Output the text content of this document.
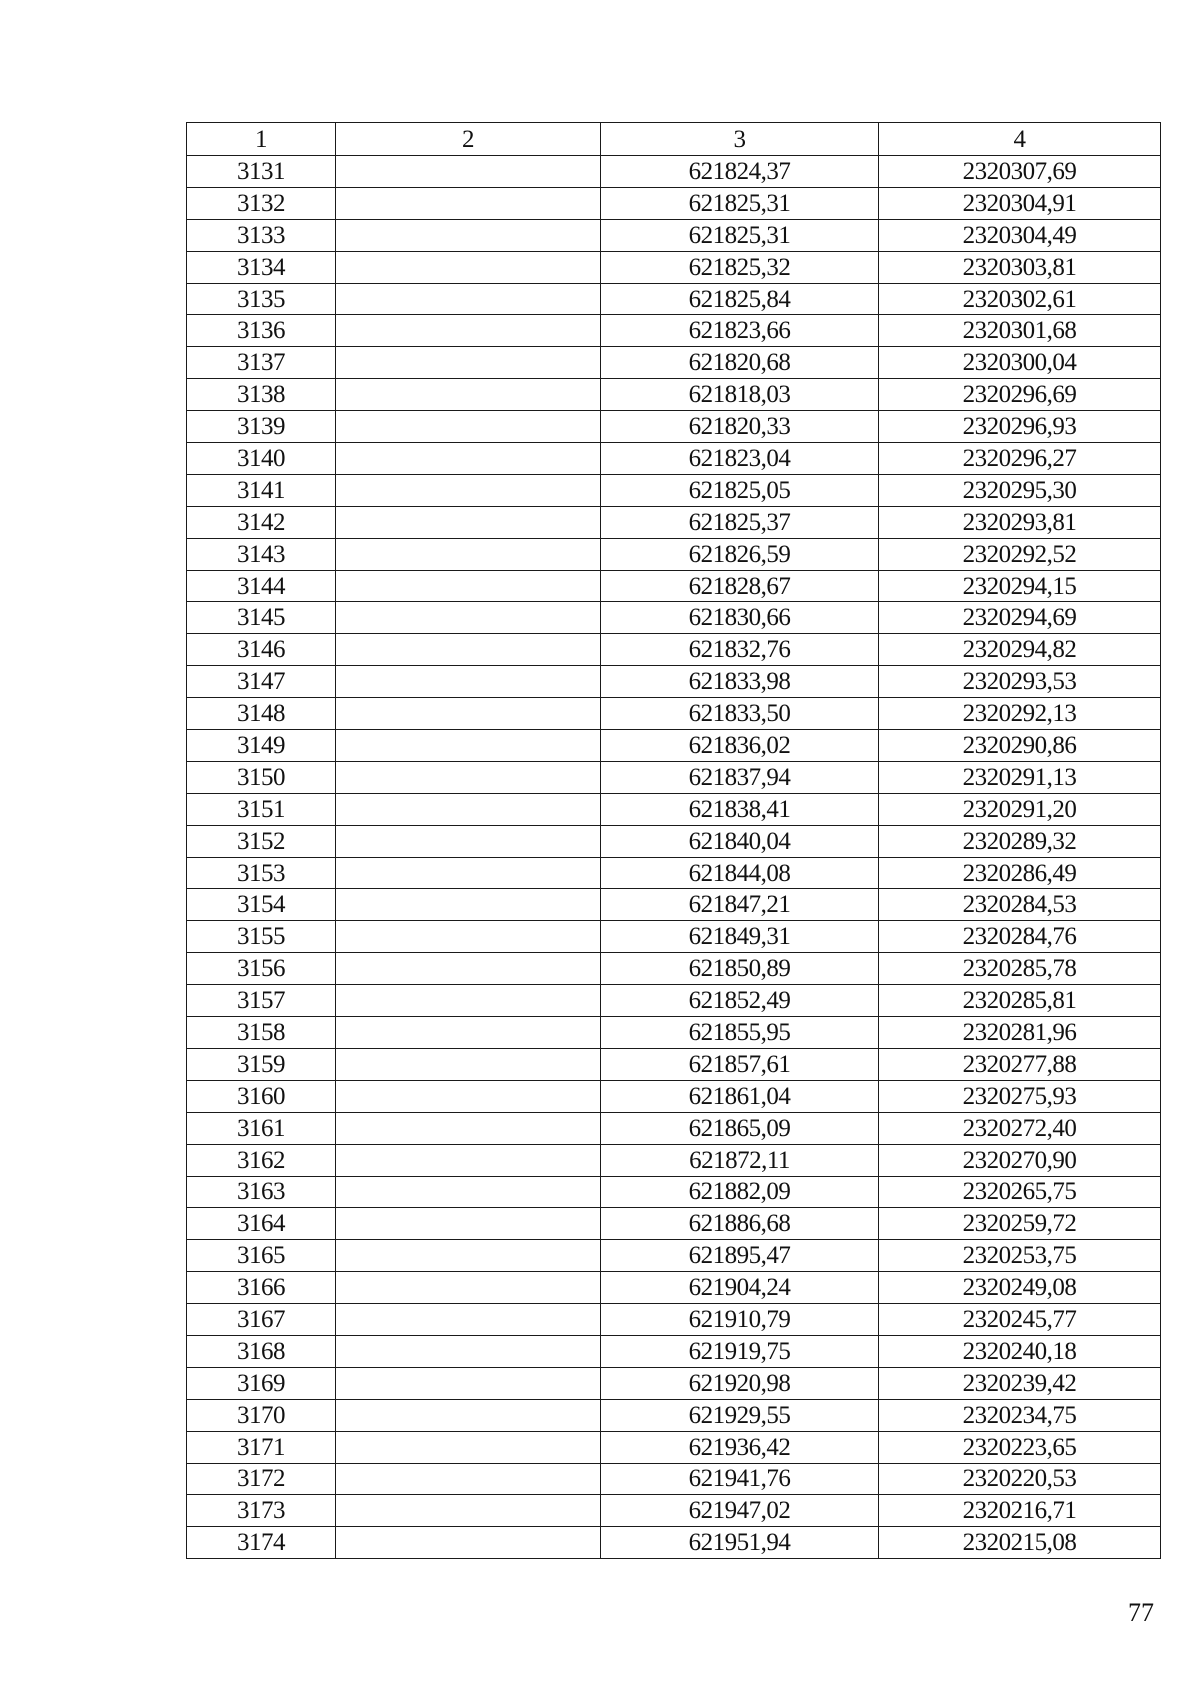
1	2	3	4
3131		621824,37	2320307,69
3132		621825,31	2320304,91
3133		621825,31	2320304,49
3134		621825,32	2320303,81
3135		621825,84	2320302,61
3136		621823,66	2320301,68
3137		621820,68	2320300,04
3138		621818,03	2320296,69
3139		621820,33	2320296,93
3140		621823,04	2320296,27
3141		621825,05	2320295,30
3142		621825,37	2320293,81
3143		621826,59	2320292,52
3144		621828,67	2320294,15
3145		621830,66	2320294,69
3146		621832,76	2320294,82
3147		621833,98	2320293,53
3148		621833,50	2320292,13
3149		621836,02	2320290,86
3150		621837,94	2320291,13
3151		621838,41	2320291,20
3152		621840,04	2320289,32
3153		621844,08	2320286,49
3154		621847,21	2320284,53
3155		621849,31	2320284,76
3156		621850,89	2320285,78
3157		621852,49	2320285,81
3158		621855,95	2320281,96
3159		621857,61	2320277,88
3160		621861,04	2320275,93
3161		621865,09	2320272,40
3162		621872,11	2320270,90
3163		621882,09	2320265,75
3164		621886,68	2320259,72
3165		621895,47	2320253,75
3166		621904,24	2320249,08
3167		621910,79	2320245,77
3168		621919,75	2320240,18
3169		621920,98	2320239,42
3170		621929,55	2320234,75
3171		621936,42	2320223,65
3172		621941,76	2320220,53
3173		621947,02	2320216,71
3174		621951,94	2320215,08
77
